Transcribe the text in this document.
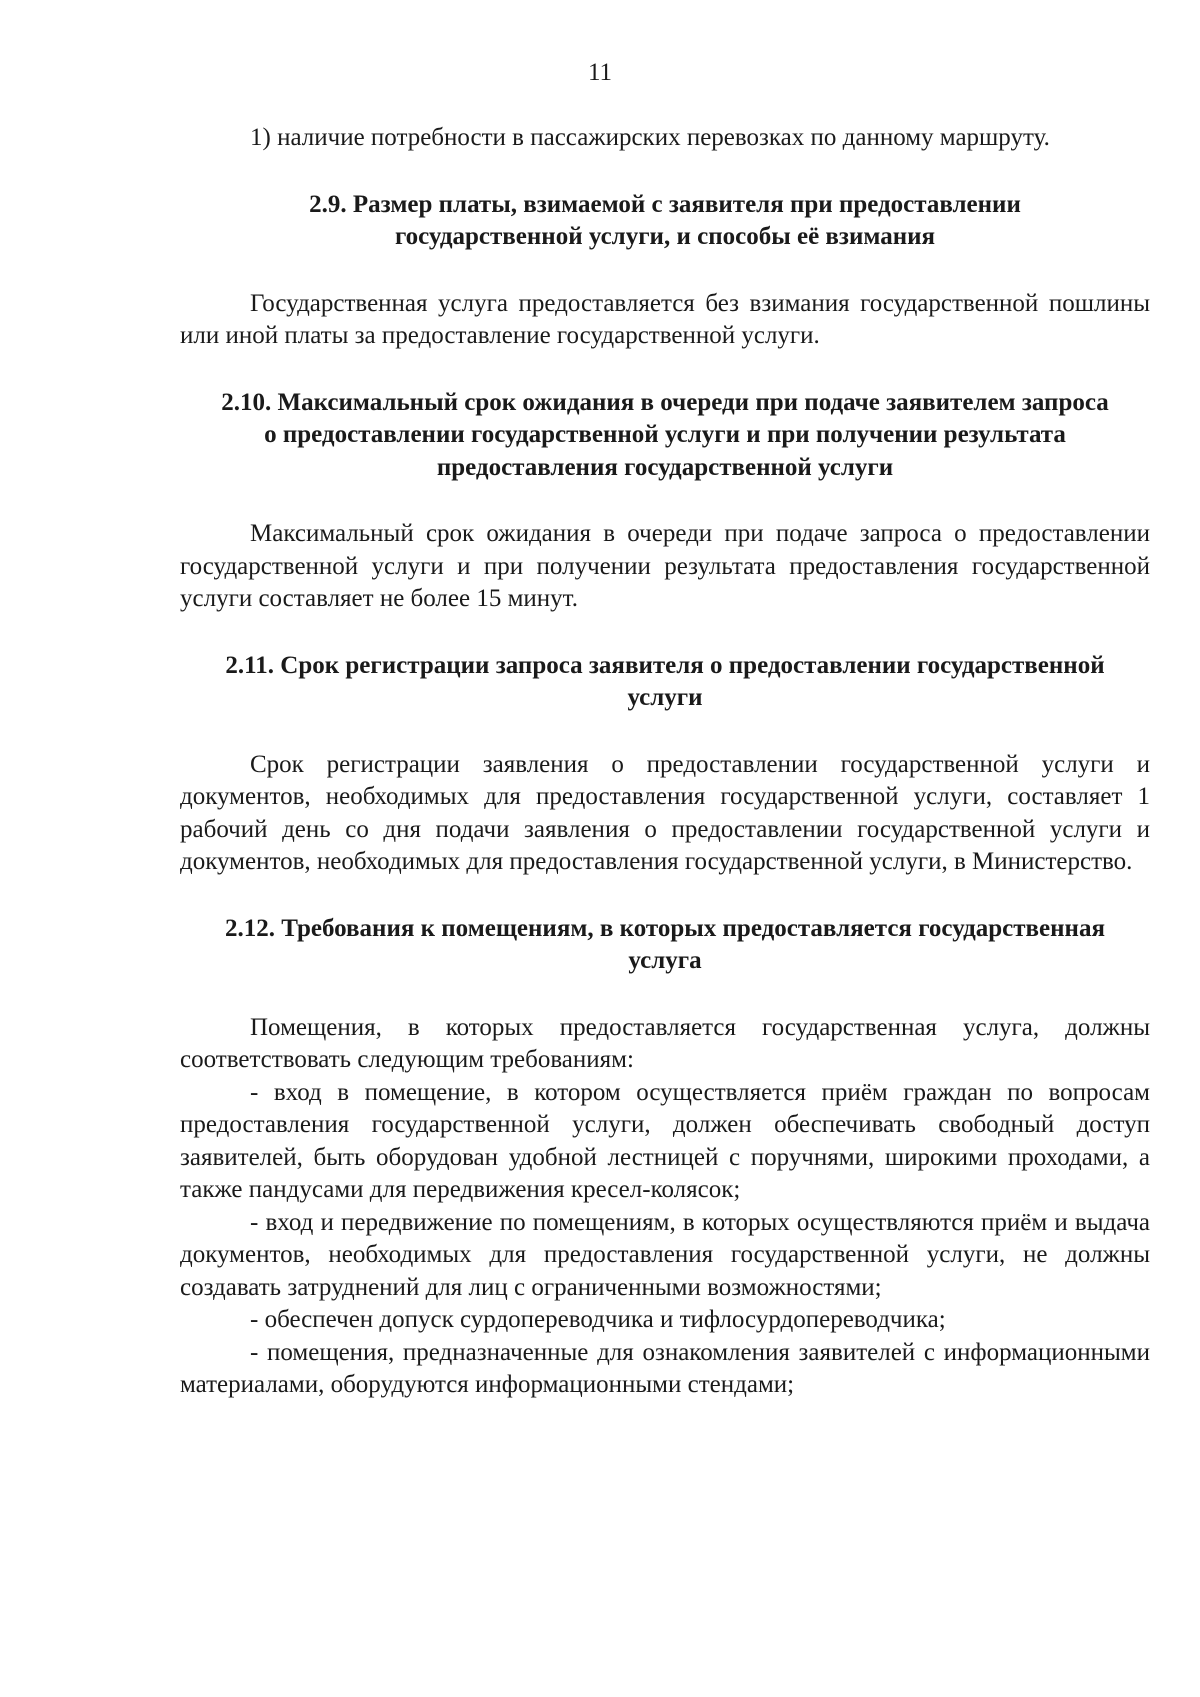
11

1) наличие потребности в пассажирских перевозках по данному маршруту.

2.9. Размер платы, взимаемой с заявителя при предоставлении государственной услуги, и способы её взимания

Государственная услуга предоставляется без взимания государственной пошлины или иной платы за предоставление государственной услуги.

2.10. Максимальный срок ожидания в очереди при подаче заявителем запроса о предоставлении государственной услуги и при получении результата предоставления государственной услуги

Максимальный срок ожидания в очереди при подаче запроса о предоставлении государственной услуги и при получении результата предоставления государственной услуги составляет не более 15 минут.

2.11. Срок регистрации запроса заявителя о предоставлении государственной услуги

Срок регистрации заявления о предоставлении государственной услуги и документов, необходимых для предоставления государственной услуги, составляет 1 рабочий день со дня подачи заявления о предоставлении государственной услуги и документов, необходимых для предоставления государственной услуги, в Министерство.

2.12. Требования к помещениям, в которых предоставляется государственная услуга

Помещения, в которых предоставляется государственная услуга, должны соответствовать следующим требованиям:

- вход в помещение, в котором осуществляется приём граждан по вопросам предоставления государственной услуги, должен обеспечивать свободный доступ заявителей, быть оборудован удобной лестницей с поручнями, широкими проходами, а также пандусами для передвижения кресел-колясок;

- вход и передвижение по помещениям, в которых осуществляются приём и выдача документов, необходимых для предоставления государственной услуги, не должны создавать затруднений для лиц с ограниченными возможностями;

- обеспечен допуск сурдопереводчика и тифлосурдопереводчика;

- помещения, предназначенные для ознакомления заявителей с информационными материалами, оборудуются информационными стендами;
